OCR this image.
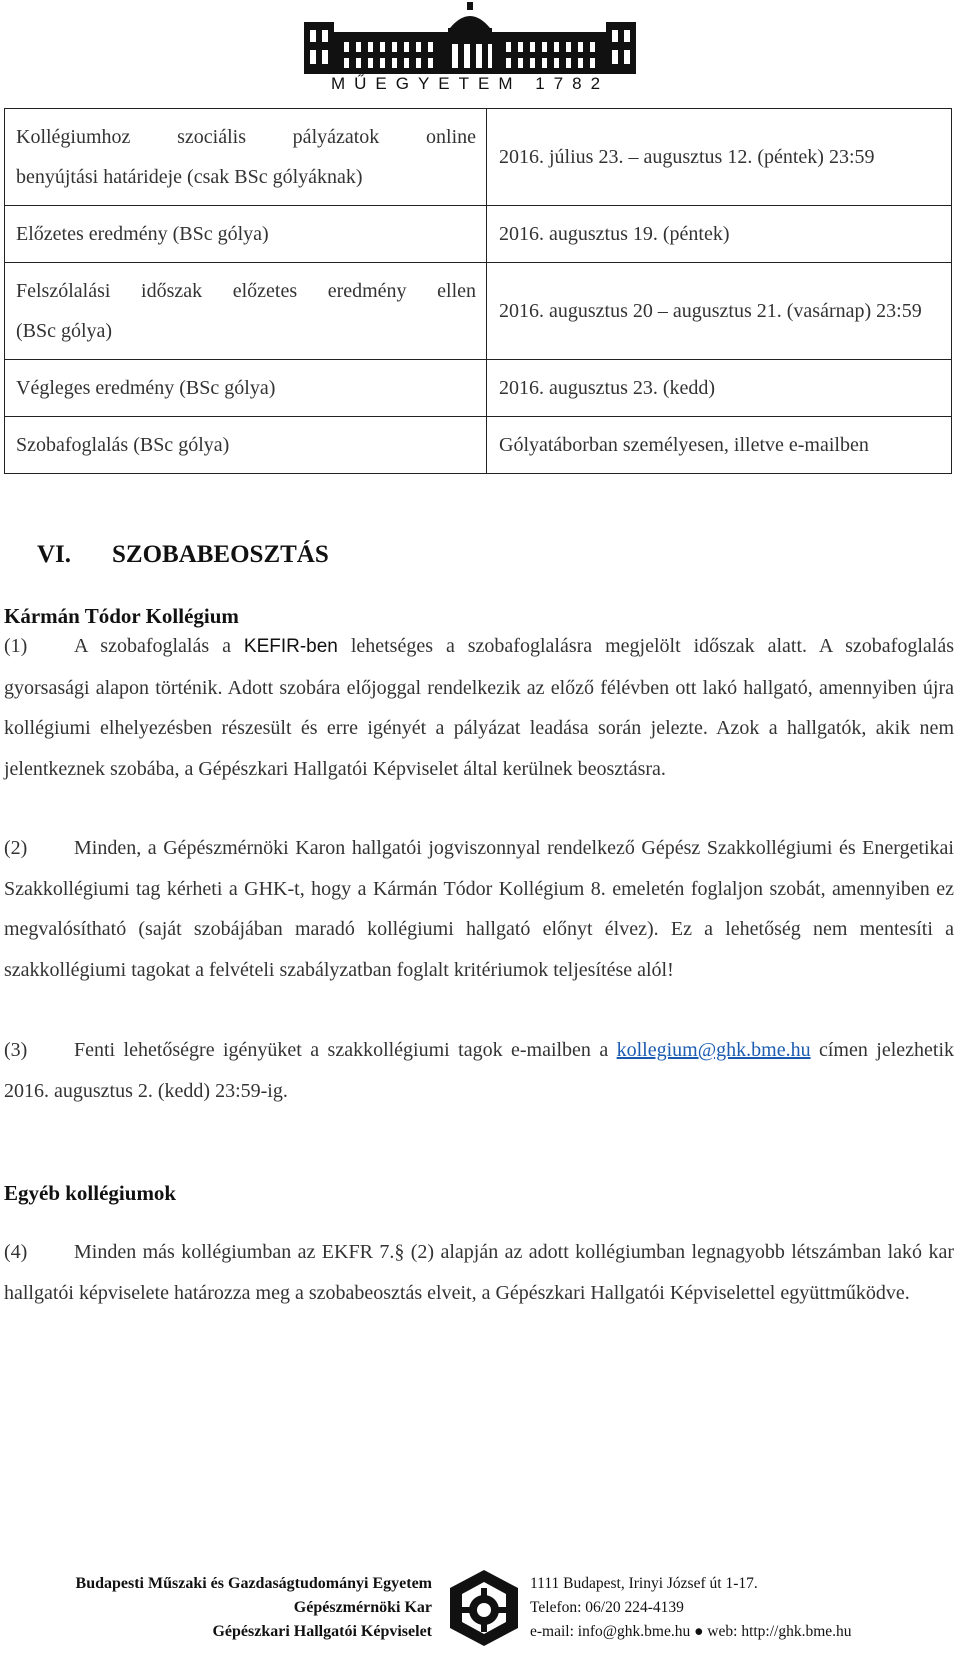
MŰEGYETEM 1782
Kollégiumhoz szociális pályázatok online
benyújtási határideje (csak BSc gólyáknak)	2016. július 23. – augusztus 12. (péntek) 23:59
Előzetes eredmény (BSc gólya)	2016. augusztus 19. (péntek)

Felszólalási időszak előzetes eredmény ellen
(BSc gólya)	2016. augusztus 20 – augusztus 21. (vasárnap) 23:59
Végleges eredmény (BSc gólya)	2016. augusztus 23. (kedd)
Szobafoglalás (BSc gólya)	Gólyatáborban személyesen, illetve e-mailben
VI. SZOBABEOSZTÁS
Kármán Tódor Kollégium
(1) A szobafoglalás a KEFIR-ben lehetséges a szobafoglalásra megjelölt időszak alatt. A szobafoglalás gyorsasági alapon történik. Adott szobára előjoggal rendelkezik az előző félévben ott lakó hallgató, amennyiben újra kollégiumi elhelyezésben részesült és erre igényét a pályázat leadása során jelezte. Azok a hallgatók, akik nem jelentkeznek szobába, a Gépészkari Hallgatói Képviselet által kerülnek beosztásra.
(2) Minden, a Gépészmérnöki Karon hallgatói jogviszonnyal rendelkező Gépész Szakkollégiumi és Energetikai Szakkollégiumi tag kérheti a GHK-t, hogy a Kármán Tódor Kollégium 8. emeletén foglaljon szobát, amennyiben ez megvalósítható (saját szobájában maradó kollégiumi hallgató előnyt élvez). Ez a lehetőség nem mentesíti a szakkollégiumi tagokat a felvételi szabályzatban foglalt kritériumok teljesítése alól!
(3) Fenti lehetőségre igényüket a szakkollégiumi tagok e-mailben a kollegium@ghk.bme.hu címen jelezhetik 2016. augusztus 2. (kedd) 23:59-ig.
Egyéb kollégiumok
(4) Minden más kollégiumban az EKFR 7.§ (2) alapján az adott kollégiumban legnagyobb létszámban lakó kar hallgatói képviselete határozza meg a szobabeosztás elveit, a Gépészkari Hallgatói Képviselettel együttműködve.
Budapesti Műszaki és Gazdaságtudományi Egyetem
Gépészmérnöki Kar
Gépészkari Hallgatói Képviselet
1111 Budapest, Irinyi József út 1-17.
Telefon: 06/20 224-4139
e-mail: info@ghk.bme.hu ● web: http://ghk.bme.hu
